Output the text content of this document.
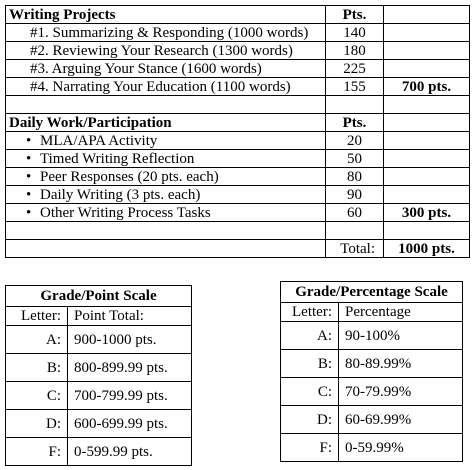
Writing Projects	Pts.	
#1. Summarizing & Responding (1000 words)	140	
#2. Reviewing Your Research (1300 words)	180	
#3. Arguing Your Stance (1600 words)	225	
#4. Narrating Your Education (1100 words)	155	700 pts.

Daily Work/Participation	Pts.	
• MLA/APA Activity	20	
• Timed Writing Reflection	50	
• Peer Responses (20 pts. each)	80	
• Daily Writing (3 pts. each)	90	
• Other Writing Process Tasks	60	300 pts.

	Total:	1000 pts.
Grade/Point Scale	
Letter:	Point Total:
A:	900-1000 pts.
B:	800-899.99 pts.
C:	700-799.99 pts.
D:	600-699.99 pts.
F:	0-599.99 pts.
Grade/Percentage Scale	
Letter:	Percentage
A:	90-100%
B:	80-89.99%
C:	70-79.99%
D:	60-69.99%
F:	0-59.99%
